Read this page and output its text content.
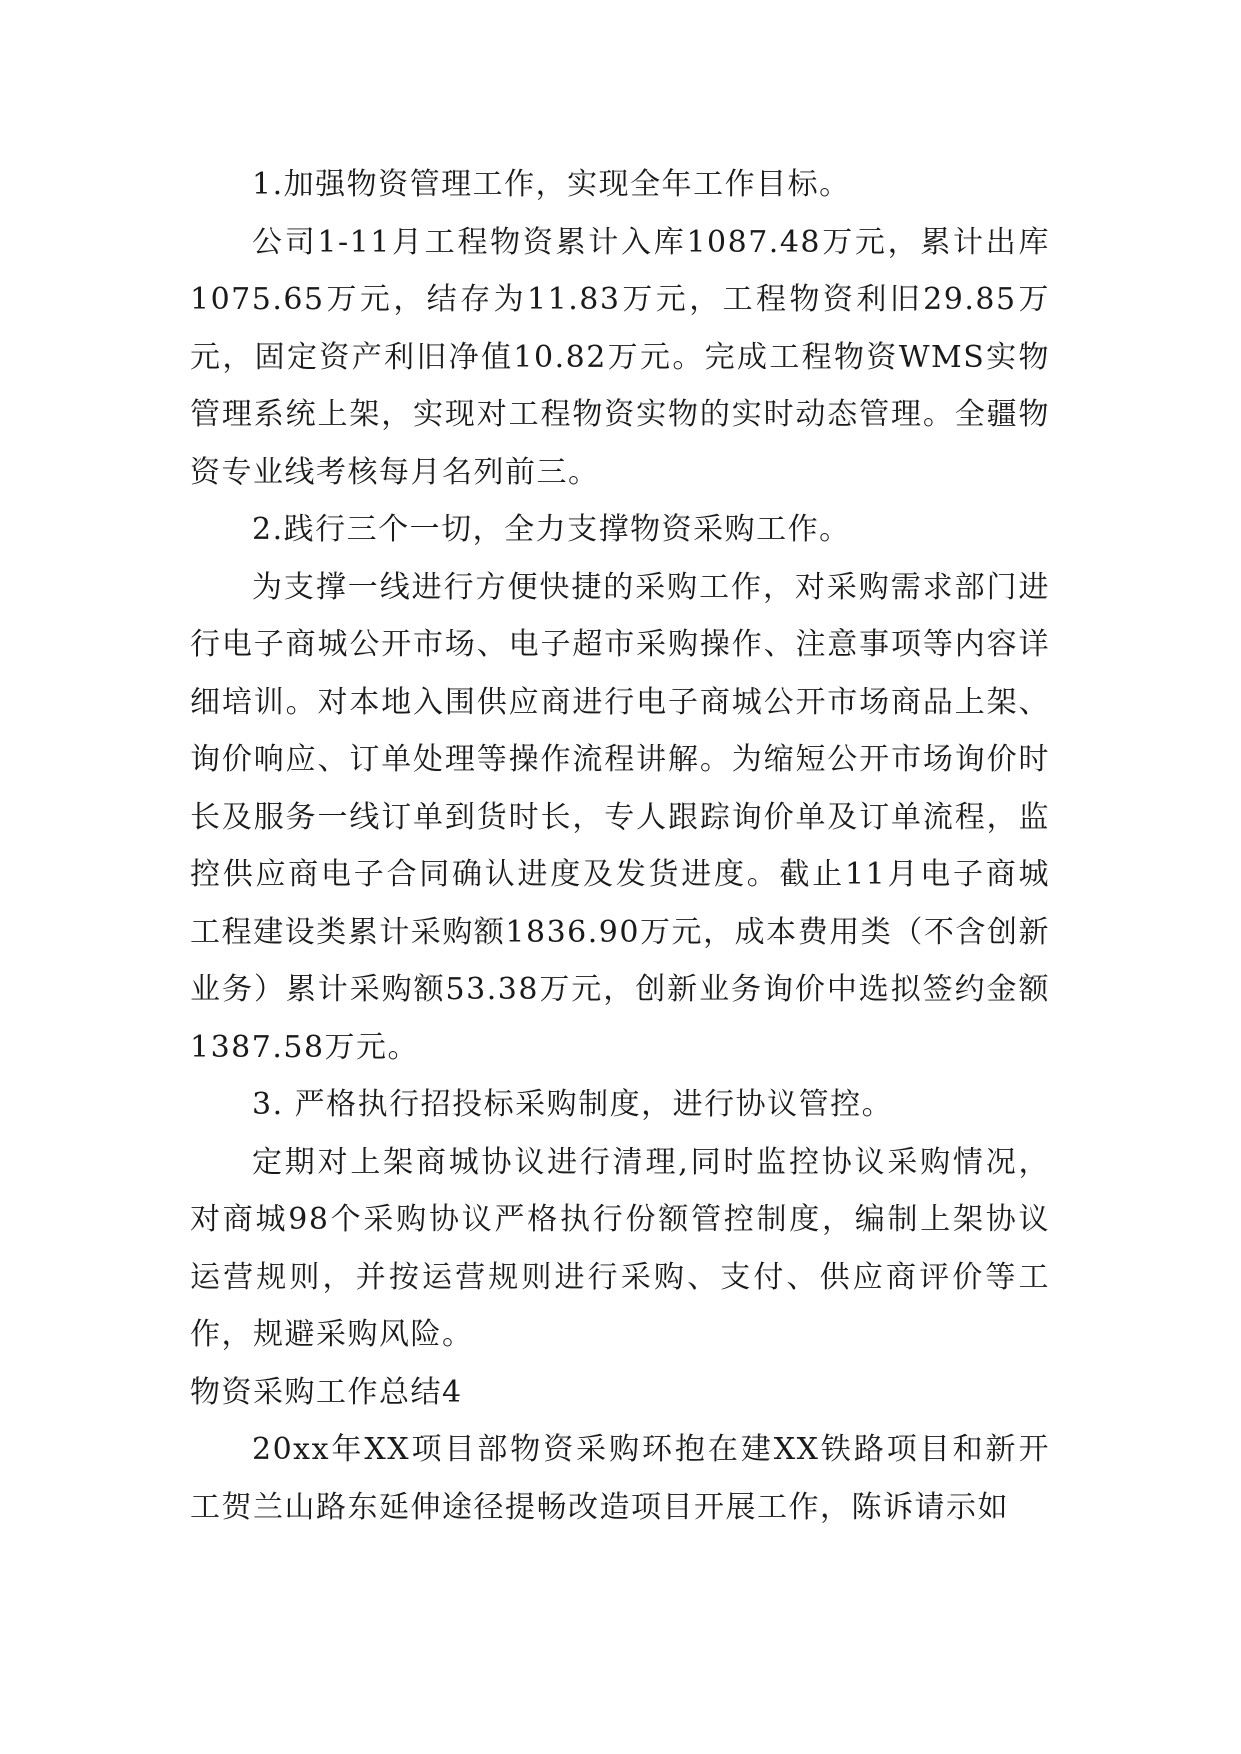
1.加强物资管理工作，实现全年工作目标。

公司1-11月工程物资累计入库1087.48万元，累计出库1075.65万元，结存为11.83万元，工程物资利旧29.85万元，固定资产利旧净值10.82万元。完成工程物资WMS实物管理系统上架，实现对工程物资实物的实时动态管理。全疆物资专业线考核每月名列前三。

2.践行三个一切，全力支撑物资采购工作。

为支撑一线进行方便快捷的采购工作，对采购需求部门进行电子商城公开市场、电子超市采购操作、注意事项等内容详细培训。对本地入围供应商进行电子商城公开市场商品上架、询价响应、订单处理等操作流程讲解。为缩短公开市场询价时长及服务一线订单到货时长，专人跟踪询价单及订单流程，监控供应商电子合同确认进度及发货进度。截止11月电子商城工程建设类累计采购额1836.90万元，成本费用类（不含创新业务）累计采购额53.38万元，创新业务询价中选拟签约金额1387.58万元。

3. 严格执行招投标采购制度，进行协议管控。

定期对上架商城协议进行清理,同时监控协议采购情况，对商城98个采购协议严格执行份额管控制度，编制上架协议运营规则，并按运营规则进行采购、支付、供应商评价等工作，规避采购风险。

物资采购工作总结4

20xx年XX项目部物资采购环抱在建XX铁路项目和新开工贺兰山路东延伸途径提畅改造项目开展工作，陈诉请示如
